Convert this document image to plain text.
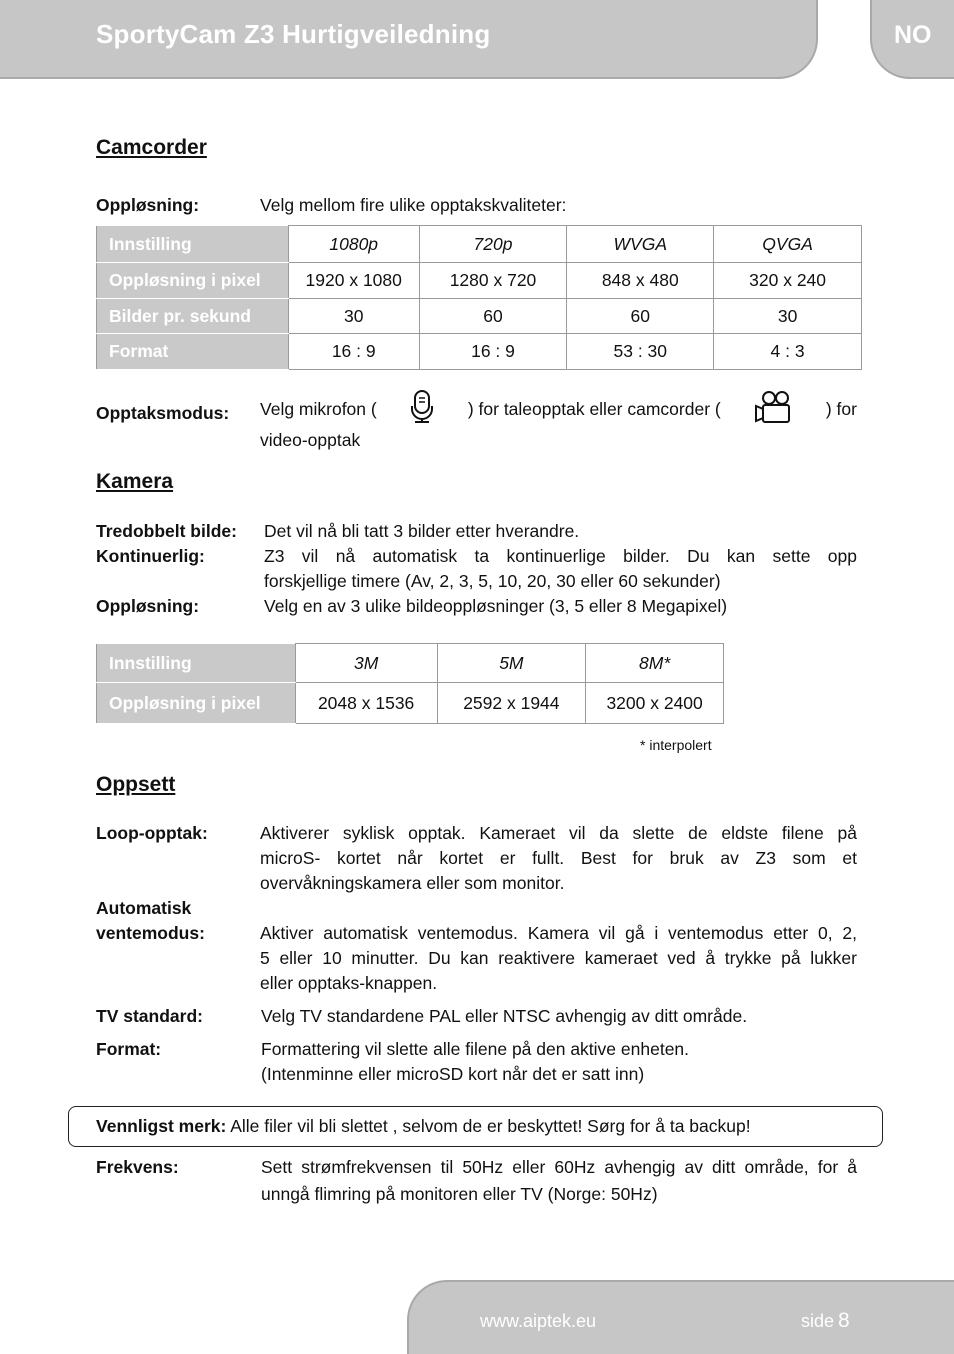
SportyCam Z3 Hurtigveiledning	NO
Camcorder
Oppløsning:	Velg mellom fire ulike opptakskvaliteter:
Innstilling	1080p	720p	WVGA	QVGA
Oppløsning i pixel	1920 x 1080	1280 x 720	848 x 480	320 x 240
Bilder pr. sekund	30	60	60	30
Format	16 : 9	16 : 9	53 : 30	4 : 3
Opptaksmodus: Velg mikrofon (	) for taleopptak eller camcorder (	) for
video-opptak
Kamera
Tredobbelt bilde: Det vil nå bli tatt 3 bilder etter hverandre.
Kontinuerlig:	Z3 vil nå automatisk ta kontinuerlige bilder. Du kan sette opp
forskjellige timere (Av, 2, 3, 5, 10, 20, 30 eller 60 sekunder)
Oppløsning:	Velg en av 3 ulike bildeoppløsninger (3, 5 eller 8 Megapixel)
Innstilling	3M	5M	8M*
Oppløsning i pixel	2048 x 1536	2592 x 1944	3200 x 2400
* interpolert
Oppsett
Loop-opptak:	Aktiverer syklisk opptak. Kameraet vil da slette de eldste filene på
microS- kortet når kortet er fullt. Best for bruk av Z3 som et
overvåkningskamera eller som monitor.
Automatisk
ventemodus:	Aktiver automatisk ventemodus. Kamera vil gå i ventemodus etter 0, 2,
5 eller 10 minutter. Du kan reaktivere kameraet ved å trykke på lukker
eller opptaks-knappen.
TV standard:	Velg TV standardene PAL eller NTSC avhengig av ditt område.
Format:	Formattering vil slette alle filene på den aktive enheten.
(Intenminne eller microSD kort når det er satt inn)
Vennligst merk: Alle filer vil bli slettet , selvom de er beskyttet! Sørg for å ta backup!
Frekvens:	Sett strømfrekvensen til 50Hz eller 60Hz avhengig av ditt område, for å
unngå flimring på monitoren eller TV (Norge: 50Hz)
www.aiptek.eu	side 8
